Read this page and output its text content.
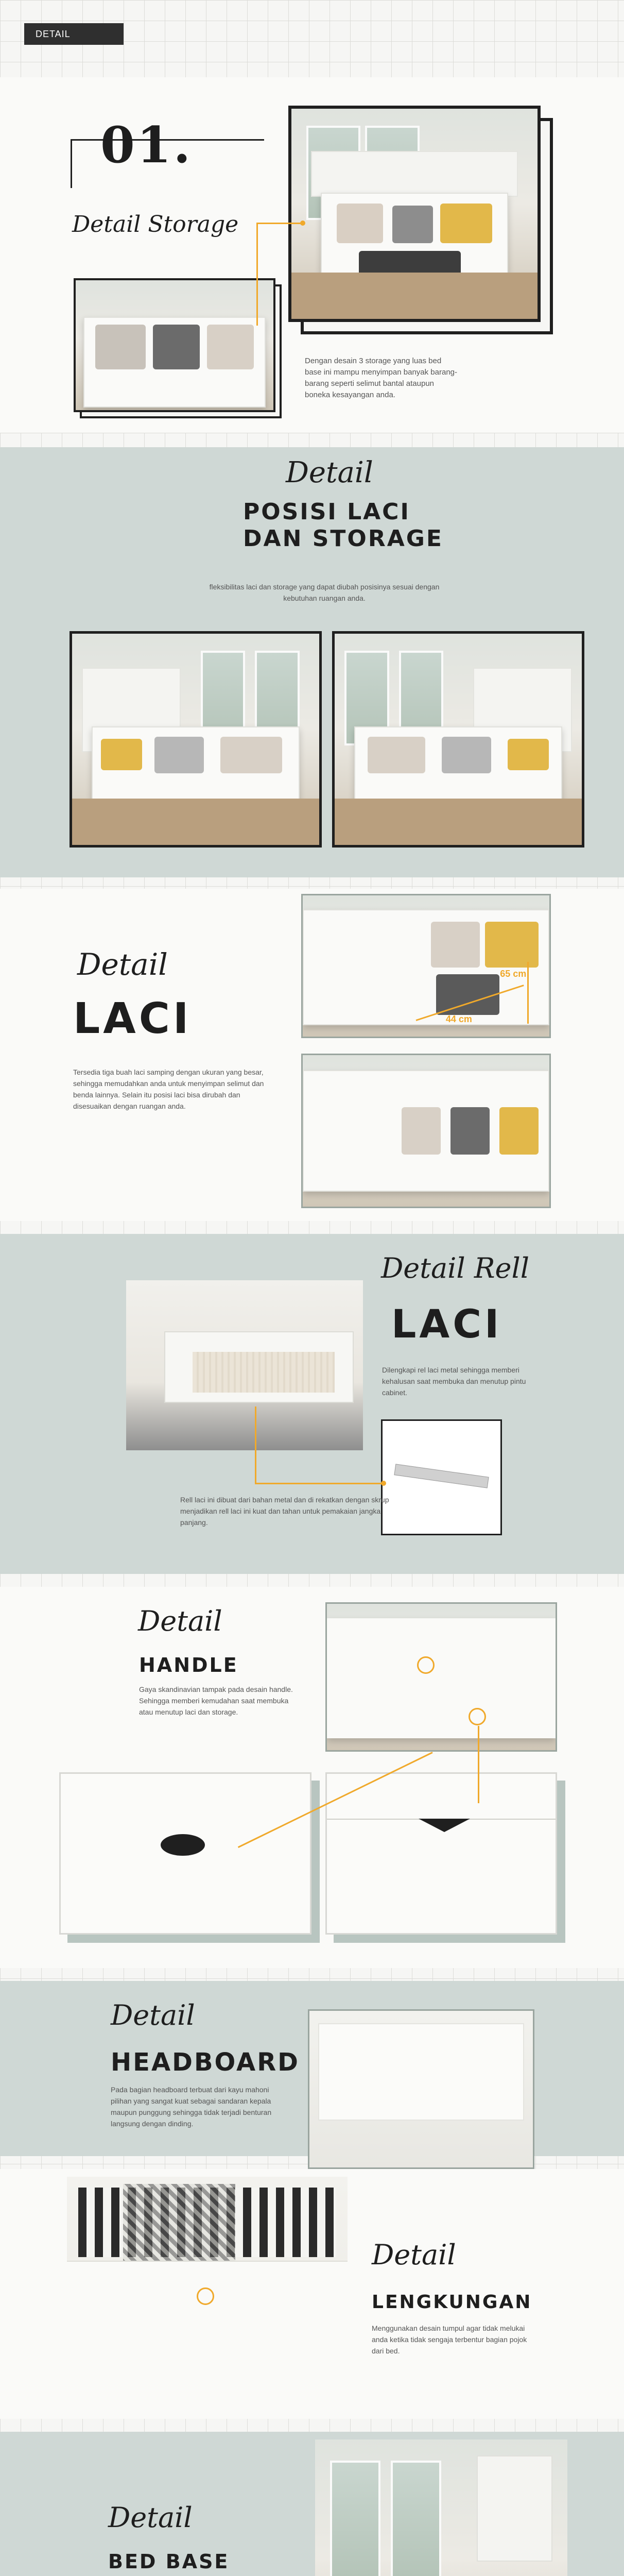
DETAIL
01.
Detail Storage
Dengan desain 3 storage yang luas bed base ini mampu menyimpan banyak barang-barang seperti selimut bantal ataupun boneka kesayangan anda.
Detail
POSISI LACI
DAN STORAGE
fleksibilitas laci dan storage yang dapat diubah posisinya sesuai dengan kebutuhan ruangan anda.
Detail
LACI
Tersedia tiga buah laci samping dengan ukuran yang besar, sehingga memudahkan anda untuk menyimpan selimut dan benda lainnya. Selain itu posisi laci bisa dirubah dan disesuaikan dengan ruangan anda.
65 cm
44 cm
Detail Rell
LACI
Dilengkapi rel laci metal sehingga memberi kehalusan saat membuka dan menutup pintu cabinet.
Rell laci ini dibuat dari bahan metal dan di rekatkan dengan skrup menjadikan rell laci ini kuat dan tahan untuk pemakaian jangka panjang.
Detail
HANDLE
Gaya skandinavian tampak pada desain handle. Sehingga memberi kemudahan saat membuka atau menutup laci dan storage.
Detail
HEADBOARD
Pada bagian headboard terbuat dari kayu mahoni pilihan yang sangat kuat sebagai sandaran kepala maupun punggung sehingga tidak terjadi benturan langsung dengan dinding.
Detail
LENGKUNGAN
Menggunakan desain tumpul agar tidak melukai anda ketika tidak sengaja terbentur bagian pojok dari bed.
Detail
BED BASE
